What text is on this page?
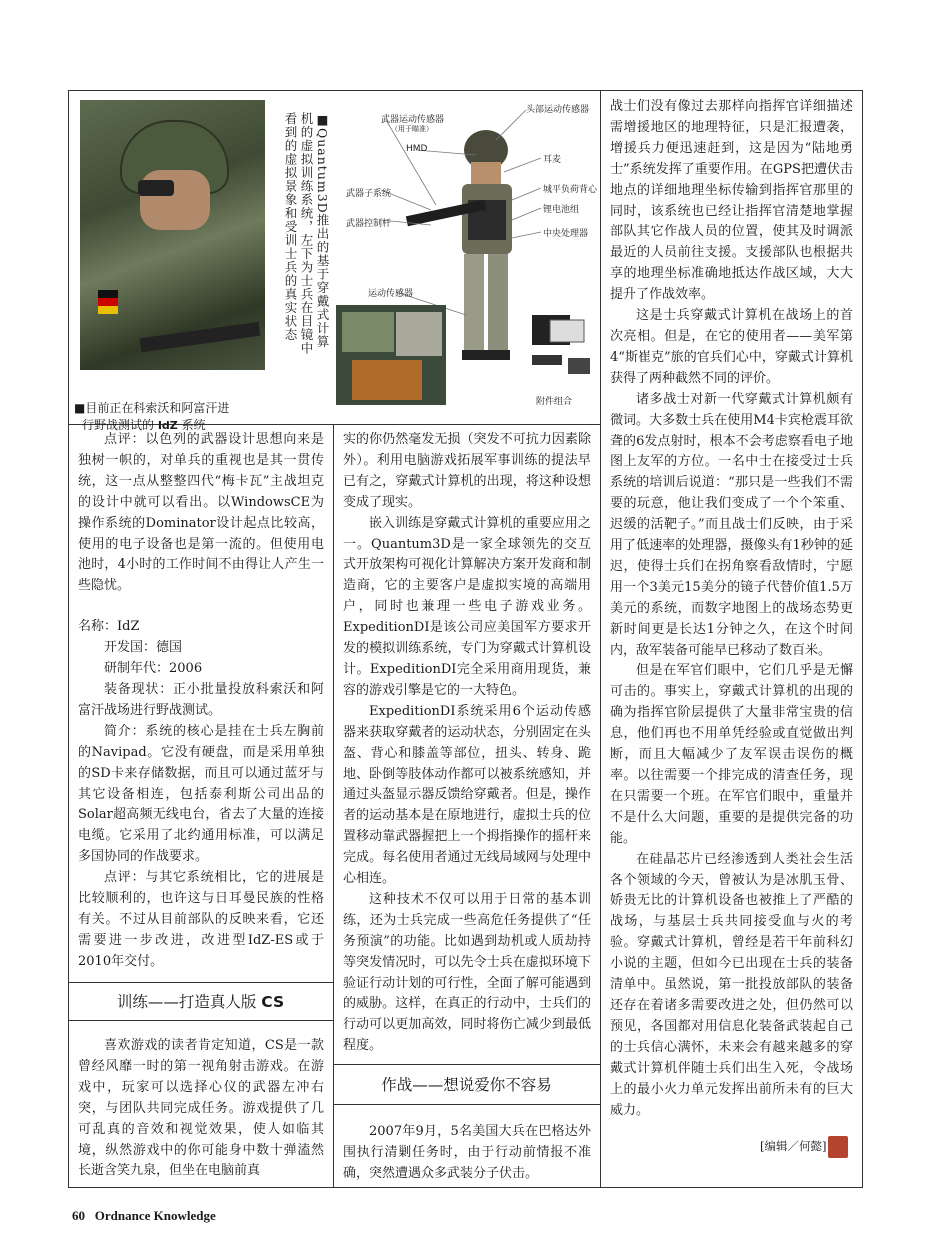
■目前正在科索沃和阿富汗进
行野战测试的 IdZ 系统
■Quantum3D推出的基于穿戴式计算机的虚拟训练系统，左下为士兵在目镜中看到的虚拟景象和受训士兵的真实状态	武器运动传感器
（用于瞄准）
头部运动传感器
HMD
耳麦
城平负荷背心
锂电池组
中央处理器
武器子系统
武器控制杆
运动传感器
附件组合

点评：以色列的武器设计思想向来是独树一帜的，对单兵的重视也是其一贯传统，这一点从整整四代“梅卡瓦”主战坦克的设计中就可以看出。以WindowsCE为操作系统的Dominator设计起点比较高，使用的电子设备也是第一流的。但使用电池时，4小时的工作时间不由得让人产生一些隐忧。

名称：IdZ

开发国：德国

研制年代：2006

装备现状：正小批量投放科索沃和阿富汗战场进行野战测试。

简介：系统的核心是挂在士兵左胸前的Navipad。它没有硬盘，而是采用单独的SD卡来存储数据，而且可以通过蓝牙与其它设备相连，包括泰利斯公司出品的Solar超高频无线电台，省去了大量的连接电缆。它采用了北约通用标准，可以满足多国协同的作战要求。

点评：与其它系统相比，它的进展是比较顺利的，也许这与日耳曼民族的性格有关。不过从目前部队的反映来看，它还需要进一步改进，改进型IdZ-ES或于2010年交付。

训练——打造真人版 CS

喜欢游戏的读者肯定知道，CS是一款曾经风靡一时的第一视角射击游戏。在游戏中，玩家可以选择心仪的武器左冲右突，与团队共同完成任务。游戏提供了几可乱真的音效和视觉效果，使人如临其境，纵然游戏中的你可能身中数十弹溘然长逝含笑九泉，但坐在电脑前真

实的你仍然毫发无损（突发不可抗力因素除外）。利用电脑游戏拓展军事训练的提法早已有之，穿戴式计算机的出现，将这种设想变成了现实。

嵌入训练是穿戴式计算机的重要应用之一。Quantum3D是一家全球领先的交互式开放架构可视化计算解决方案开发商和制造商，它的主要客户是虚拟实境的高端用户，同时也兼理一些电子游戏业务。ExpeditionDI是该公司应美国军方要求开发的模拟训练系统，专门为穿戴式计算机设计。ExpeditionDI完全采用商用现货，兼容的游戏引擎是它的一大特色。

ExpeditionDI系统采用6个运动传感器来获取穿戴者的运动状态，分别固定在头盔、背心和膝盖等部位，扭头、转身、跪地、卧倒等肢体动作都可以被系统感知，并通过头盔显示器反馈给穿戴者。但是，操作者的运动基本是在原地进行，虚拟士兵的位置移动靠武器握把上一个拇指操作的摇杆来完成。每名使用者通过无线局域网与处理中心相连。

这种技术不仅可以用于日常的基本训练，还为士兵完成一些高危任务提供了“任务预演”的功能。比如遇到劫机或人质劫持等突发情况时，可以先令士兵在虚拟环境下验证行动计划的可行性，全面了解可能遇到的威胁。这样，在真正的行动中，士兵们的行动可以更加高效，同时将伤亡减少到最低程度。

作战——想说爱你不容易

2007年9月，5名美国大兵在巴格达外围执行清剿任务时，由于行动前情报不准确，突然遭遇众多武装分子伏击。

战士们没有像过去那样向指挥官详细描述需增援地区的地理特征，只是汇报遭袭，增援兵力便迅速赶到，这是因为“陆地勇士”系统发挥了重要作用。在GPS把遭伏击地点的详细地理坐标传输到指挥官那里的同时，该系统也已经让指挥官清楚地掌握部队其它作战人员的位置，使其及时调派最近的人员前往支援。支援部队也根据共享的地理坐标准确地抵达作战区域，大大提升了作战效率。

这是士兵穿戴式计算机在战场上的首次亮相。但是，在它的使用者——美军第4“斯崔克”旅的官兵们心中，穿戴式计算机获得了两种截然不同的评价。

诸多战士对新一代穿戴式计算机颇有微词。大多数士兵在使用M4卡宾枪震耳欲聋的6发点射时，根本不会考虑察看电子地图上友军的方位。一名中士在接受过士兵系统的培训后说道：“那只是一些我们不需要的玩意，他让我们变成了一个个笨重、迟缓的活靶子。”而且战士们反映，由于采用了低速率的处理器，摄像头有1秒钟的延迟，使得士兵们在拐角察看敌情时，宁愿用一个3美元15美分的镜子代替价值1.5万美元的系统，而数字地图上的战场态势更新时间更是长达1分钟之久，在这个时间内，敌军装备可能早已移动了数百米。

但是在军官们眼中，它们几乎是无懈可击的。事实上，穿戴式计算机的出现的确为指挥官阶层提供了大量非常宝贵的信息，他们再也不用单凭经验或直觉做出判断，而且大幅减少了友军误击误伤的概率。以往需要一个排完成的清查任务，现在只需要一个班。在军官们眼中，重量并不是什么大问题，重要的是提供完备的功能。

在硅晶芯片已经渗透到人类社会生活各个领域的今天，曾被认为是冰肌玉骨、娇贵无比的计算机设备也被推上了严酷的战场，与基层士兵共同接受血与火的考验。穿戴式计算机，曾经是若干年前科幻小说的主题，但如今已出现在士兵的装备清单中。虽然说，第一批投放部队的装备还存在着诸多需要改进之处，但仍然可以预见，各国都对用信息化装备武装起自己的士兵信心满怀，未来会有越来越多的穿戴式计算机伴随士兵们出生入死，令战场上的最小火力单元发挥出前所未有的巨大威力。

[编辑／何懿]
60 Ordnance Knowledge
